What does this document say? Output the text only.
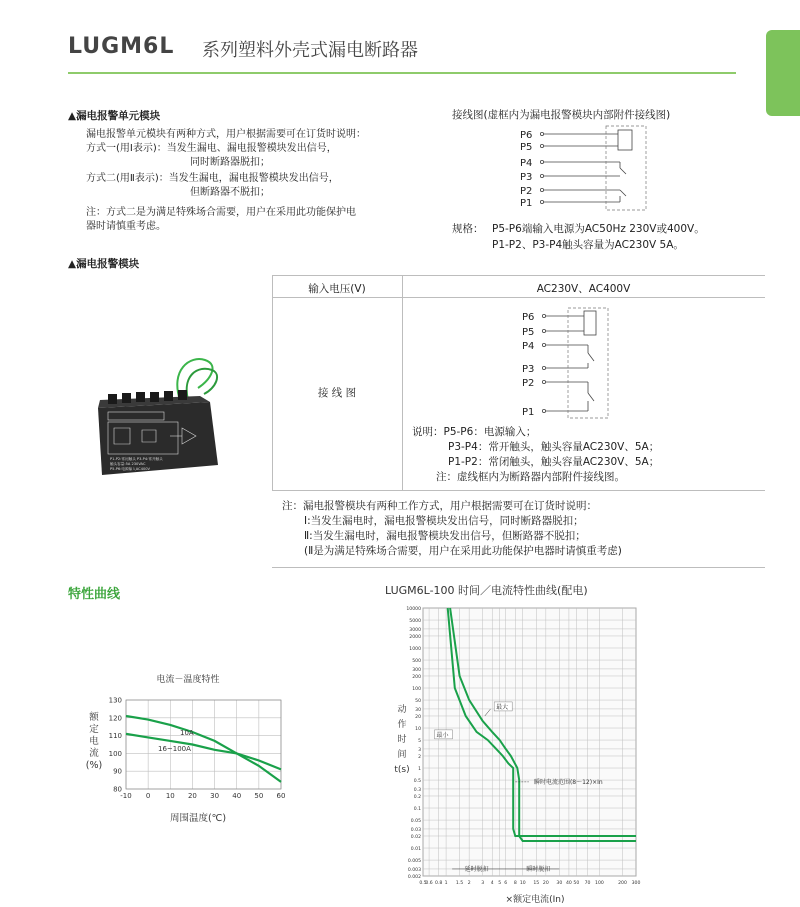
LUGM6L 系列塑料外壳式漏电断路器
▲漏电报警单元模块
漏电报警单元模块有两种方式，用户根据需要可在订货时说明：
方式一(用Ⅰ表示)：当发生漏电、漏电报警模块发出信号，
同时断路器脱扣；
方式二(用Ⅱ表示)：当发生漏电，漏电报警模块发出信号，
但断路器不脱扣；
注：方式二是为满足特殊场合需要，用户在采用此功能保护电
器时请慎重考虑。
接线图(虚框内为漏电报警模块内部附件接线图)
P6
P5
P4
P3
P2
P1
规格： P5-P6端输入电源为AC50Hz 230V或400V。
P1-P2、P3-P4触头容量为AC230V 5A。
▲漏电报警模块
P1-P2:常闭触头 P3-P4:常开触头
触头容量:5A 230VAC
P5-P6:电源输入AC400V
输入电压(V)	AC230V、AC400V
接 线 图
P6
P5
P4
P3
P2
P1
说明：P5-P6：电源输入；
P3-P4：常开触头，触头容量AC230V、5A；
P1-P2：常闭触头，触头容量AC230V、5A；
注：虚线框内为断路器内部附件接线图。
注：漏电报警模块有两种工作方式，用户根据需要可在订货时说明：
Ⅰ:当发生漏电时，漏电报警模块发出信号，同时断路器脱扣；
Ⅱ:当发生漏电时，漏电报警模块发出信号，但断路器不脱扣；
(Ⅱ是为满足特殊场合需要，用户在采用此功能保护电器时请慎重考虑)
特性曲线
电流－温度特性
80
90
100
110
120
130
-10 0 10 20 30 40 50 60
额
定
电
流
(%)
10A
16~100A
周围温度(℃)
LUGM6L-100 时间／电流特性曲线(配电)
10000
5000
3000
2000
1000
500
300
200
100
50
30
20
10
5
3
2
1
0.5
0.3
0.2
0.1
0.05
0.03
0.02
0.01
0.005
0.003
0.002
0.5
0.6 0.8 1 1.5 2 3 4 5 6 8 10 15 20 30 40 50 70 100	200 300
动
作
时
间
t(s)
最大
最小
瞬时电流范围(8～12)×In
延时脱扣	瞬时脱扣
×额定电流(In)
